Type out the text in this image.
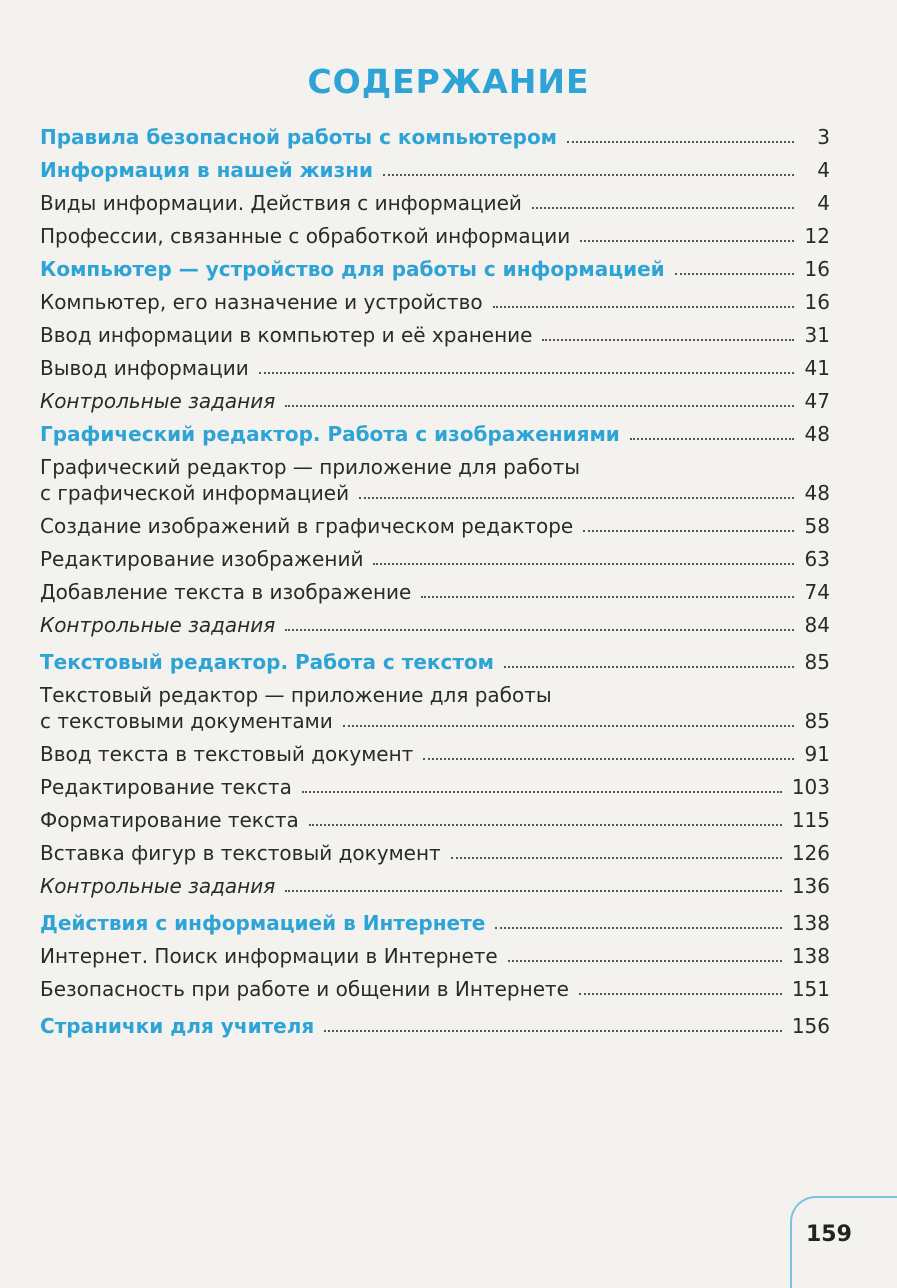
СОДЕРЖАНИЕ
Правила безопасной работы с компьютером	3
Информация в нашей жизни	4
Виды информации. Действия с информацией	4
Профессии, связанные с обработкой информации	12
Компьютер — устройство для работы с информацией	16
Компьютер, его назначение и устройство	16
Ввод информации в компьютер и её хранение	31
Вывод информации	41
Контрольные задания	47
Графический редактор. Работа с изображениями	48
Графический редактор — приложение для работы
с графической информацией	48
Создание изображений в графическом редакторе	58
Редактирование изображений	63
Добавление текста в изображение	74
Контрольные задания	84
Текстовый редактор. Работа с текстом	85
Текстовый редактор — приложение для работы
с текстовыми документами	85
Ввод текста в текстовый документ	91
Редактирование текста	103
Форматирование текста	115
Вставка фигур в текстовый документ	126
Контрольные задания	136
Действия с информацией в Интернете	138
Интернет. Поиск информации в Интернете	138
Безопасность при работе и общении в Интернете	151
Странички для учителя	156
159
